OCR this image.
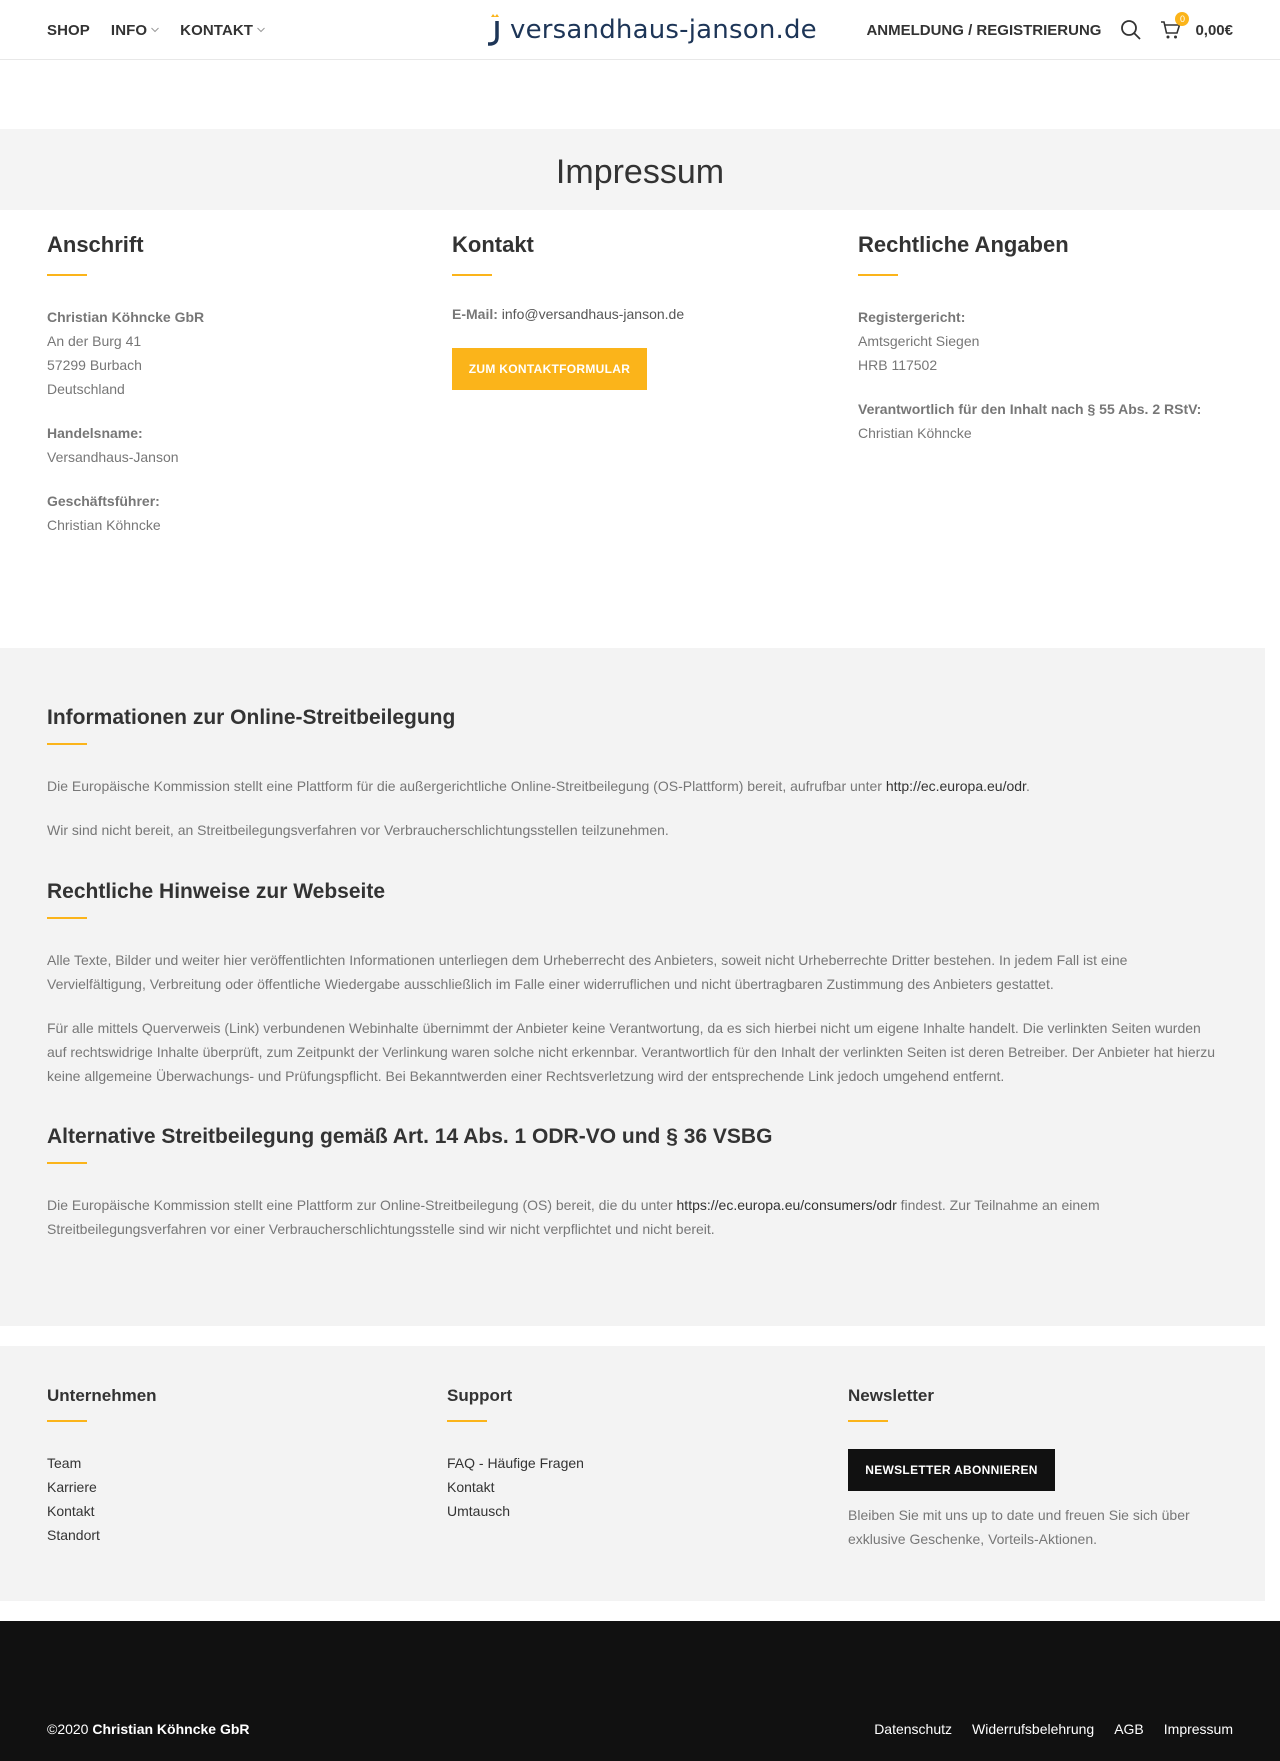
SHOP INFO KONTAKT	versandhaus-janson.de	ANMELDUNG / REGISTRIERUNG
0
0,00€
Impressum
Anschrift
Christian Köhncke GbR
An der Burg 41
57299 Burbach
Deutschland
Handelsname:
Versandhaus-Janson
Geschäftsführer:
Christian Köhncke
Kontakt
E-Mail: info@versandhaus-janson.de
ZUM KONTAKTFORMULAR
Rechtliche Angaben
Registergericht:
Amtsgericht Siegen
HRB 117502
Verantwortlich für den Inhalt nach § 55 Abs. 2 RStV:
Christian Köhncke
Informationen zur Online-Streitbeilegung

Die Europäische Kommission stellt eine Plattform für die außergerichtliche Online-Streitbeilegung (OS-Plattform) bereit, aufrufbar unter http://ec.europa.eu/odr.

Wir sind nicht bereit, an Streitbeilegungsverfahren vor Verbraucherschlichtungsstellen teilzunehmen.

Rechtliche Hinweise zur Webseite

Alle Texte, Bilder und weiter hier veröffentlichten Informationen unterliegen dem Urheberrecht des Anbieters, soweit nicht Urheberrechte Dritter bestehen. In jedem Fall ist eine Vervielfältigung, Verbreitung oder öffentliche Wiedergabe ausschließlich im Falle einer widerruflichen und nicht übertragbaren Zustimmung des Anbieters gestattet.

Für alle mittels Querverweis (Link) verbundenen Webinhalte übernimmt der Anbieter keine Verantwortung, da es sich hierbei nicht um eigene Inhalte handelt. Die verlinkten Seiten wurden auf rechtswidrige Inhalte überprüft, zum Zeitpunkt der Verlinkung waren solche nicht erkennbar. Verantwortlich für den Inhalt der verlinkten Seiten ist deren Betreiber. Der Anbieter hat hierzu keine allgemeine Überwachungs- und Prüfungspflicht. Bei Bekanntwerden einer Rechtsverletzung wird der entsprechende Link jedoch umgehend entfernt.

Alternative Streitbeilegung gemäß Art. 14 Abs. 1 ODR-VO und § 36 VSBG

Die Europäische Kommission stellt eine Plattform zur Online-Streitbeilegung (OS) bereit, die du unter https://ec.europa.eu/consumers/odr findest. Zur Teilnahme an einem Streitbeilegungsverfahren vor einer Verbraucherschlichtungsstelle sind wir nicht verpflichtet und nicht bereit.

Unternehmen
Team
Karriere
Kontakt
Standort
Support
FAQ - Häufige Fragen
Kontakt
Umtausch
Newsletter
NEWSLETTER ABONNIEREN

Bleiben Sie mit uns up to date und freuen Sie sich über exklusive Geschenke, Vorteils-Aktionen.

©2020 Christian Köhncke GbR	Datenschutz Widerrufsbelehrung AGB Impressum
